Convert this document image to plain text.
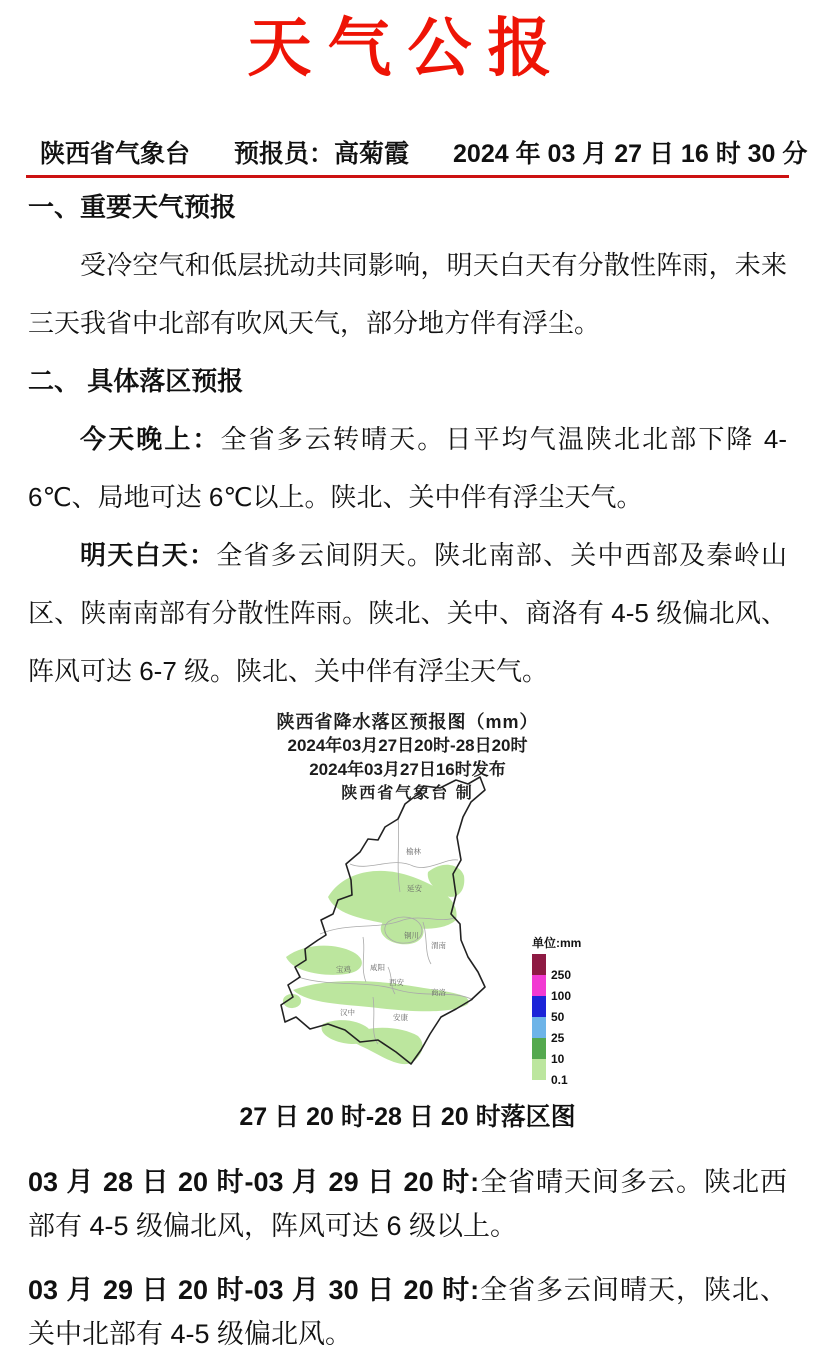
天气公报
陕西省气象台 预报员：高菊霞 2024 年 03 月 27 日 16 时 30 分
一、重要天气预报

受冷空气和低层扰动共同影响，明天白天有分散性阵雨，未来三天我省中北部有吹风天气，部分地方伴有浮尘。

二、 具体落区预报

今天晚上：全省多云转晴天。日平均气温陕北北部下降 4-6℃、局地可达 6℃以上。陕北、关中伴有浮尘天气。

明天白天：全省多云间阴天。陕北南部、关中西部及秦岭山区、陕南南部有分散性阵雨。陕北、关中、商洛有 4-5 级偏北风、阵风可达 6-7 级。陕北、关中伴有浮尘天气。

陕西省降水落区预报图（mm）
2024年03月27日20时-28日20时
2024年03月27日16时发布
陕西省气象台 制
榆林
延安
铜川
渭南
咸阳
西安
宝鸡
商洛
汉中
安康
单位:mm
250
100
50
25
10
0.1
27 日 20 时-28 日 20 时落区图

03 月 28 日 20 时-03 月 29 日 20 时:全省晴天间多云。陕北西部有 4-5 级偏北风，阵风可达 6 级以上。

03 月 29 日 20 时-03 月 30 日 20 时:全省多云间晴天，陕北、关中北部有 4-5 级偏北风。
